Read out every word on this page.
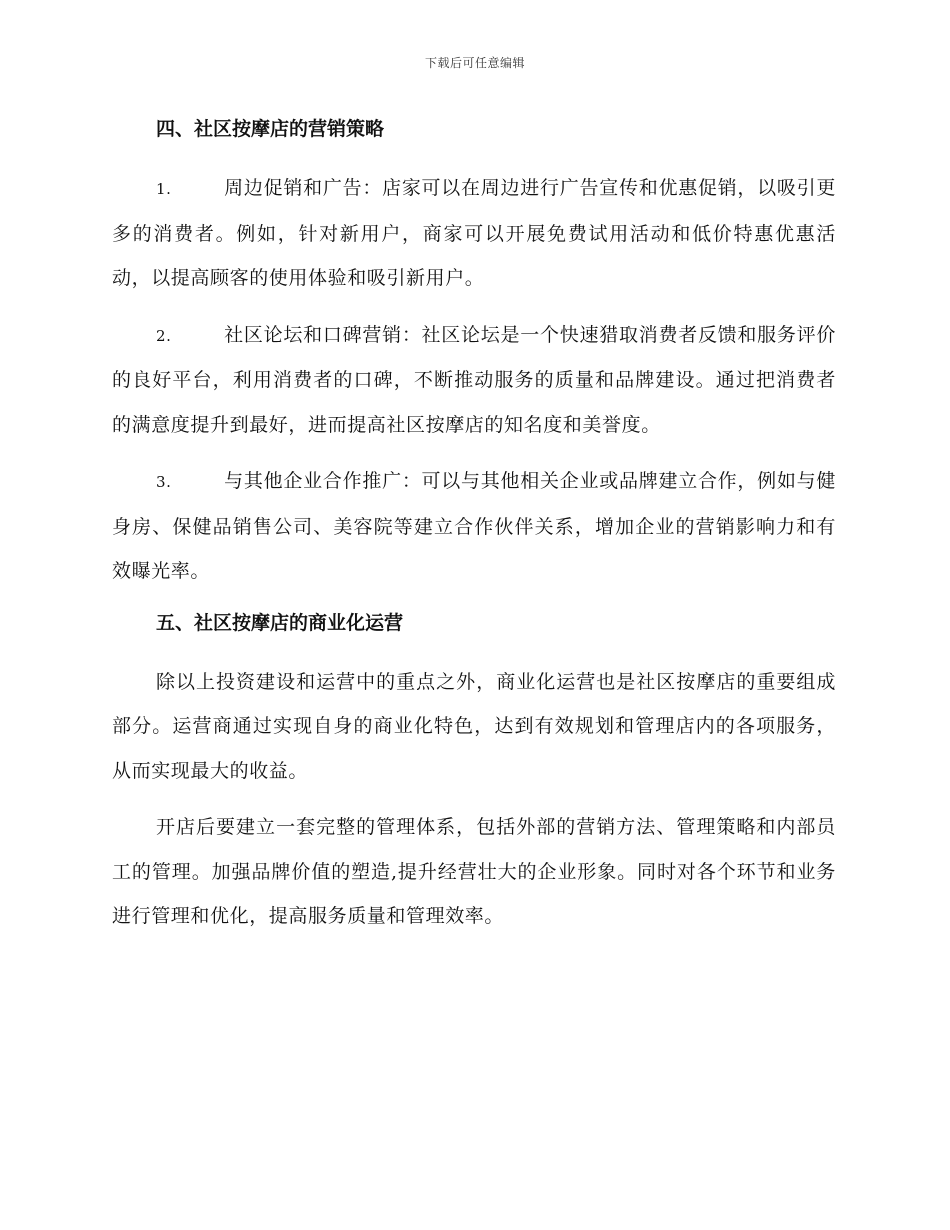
下载后可任意编辑
四、社区按摩店的营销策略

1.	周边促销和广告：店家可以在周边进行广告宣传和优惠促销，以吸引更多的消费者。例如，针对新用户，商家可以开展免费试用活动和低价特惠优惠活动，以提高顾客的使用体验和吸引新用户。

2.	社区论坛和口碑营销：社区论坛是一个快速猎取消费者反馈和服务评价的良好平台，利用消费者的口碑，不断推动服务的质量和品牌建设。通过把消费者的满意度提升到最好，进而提高社区按摩店的知名度和美誉度。

3.	与其他企业合作推广：可以与其他相关企业或品牌建立合作，例如与健身房、保健品销售公司、美容院等建立合作伙伴关系，增加企业的营销影响力和有效曝光率。

五、社区按摩店的商业化运营

除以上投资建设和运营中的重点之外，商业化运营也是社区按摩店的重要组成部分。运营商通过实现自身的商业化特色，达到有效规划和管理店内的各项服务，从而实现最大的收益。

开店后要建立一套完整的管理体系，包括外部的营销方法、管理策略和内部员工的管理。加强品牌价值的塑造,提升经营壮大的企业形象。同时对各个环节和业务进行管理和优化，提高服务质量和管理效率。
